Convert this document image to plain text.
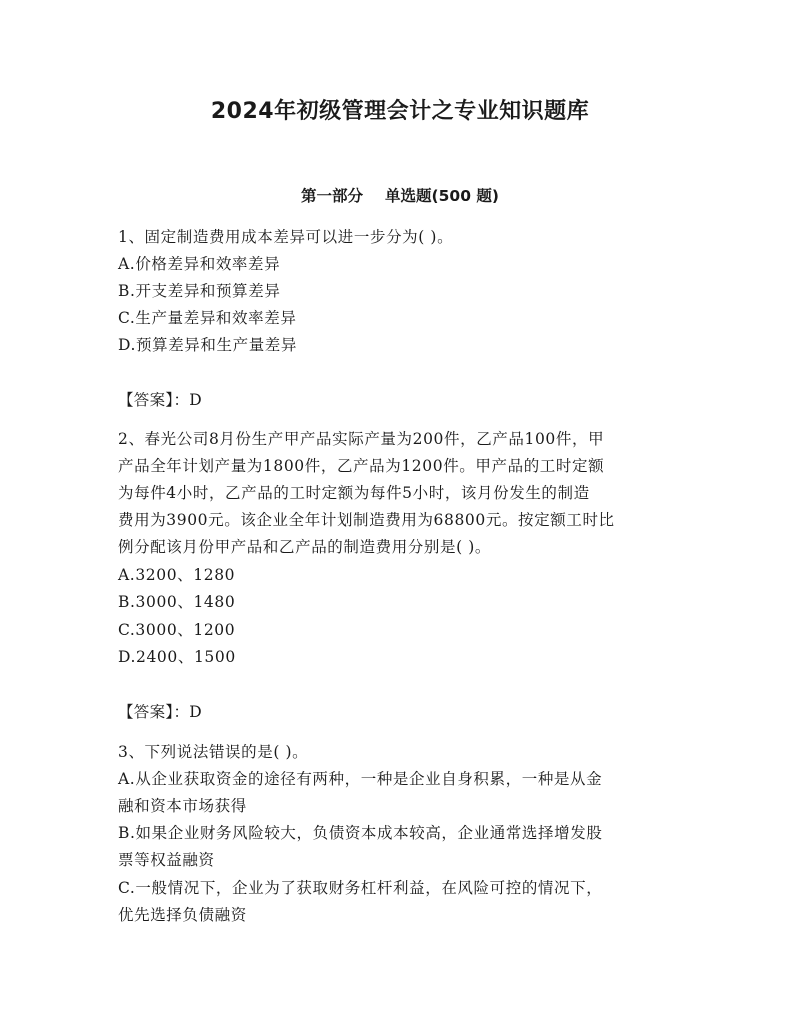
2024年初级管理会计之专业知识题库
第一部分 单选题(500 题)
1、固定制造费用成本差异可以进一步分为( )。
A.价格差异和效率差异
B.开支差异和预算差异
C.生产量差异和效率差异
D.预算差异和生产量差异
【答案】：D
2、春光公司8月份生产甲产品实际产量为200件，乙产品100件，甲
产品全年计划产量为1800件，乙产品为1200件。甲产品的工时定额
为每件4小时，乙产品的工时定额为每件5小时，该月份发生的制造
费用为3900元。该企业全年计划制造费用为68800元。按定额工时比
例分配该月份甲产品和乙产品的制造费用分别是( )。
A.3200、1280
B.3000、1480
C.3000、1200
D.2400、1500
【答案】：D
3、下列说法错误的是( )。
A.从企业获取资金的途径有两种，一种是企业自身积累，一种是从金
融和资本市场获得
B.如果企业财务风险较大，负债资本成本较高，企业通常选择增发股
票等权益融资
C.一般情况下，企业为了获取财务杠杆利益，在风险可控的情况下，
优先选择负债融资
